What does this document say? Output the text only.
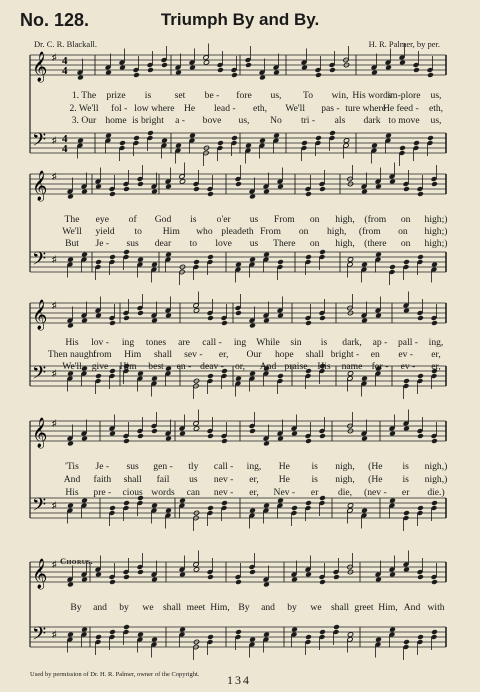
No. 128.	Triumph By and By.
Dr. C. R. Blackall.	H. R. Palmer, by per.
𝄞
𝄢
♯
♯
4
4
4
4
𝄞
𝄢
♯
♯
𝄞
𝄢
♯
♯
𝄞
𝄢
♯
♯
𝄞
𝄢
♯
♯
1. The prize is set be - fore us, To win, His words
im-plore us,
2. We'll fol - low where He lead - eth, We'll pas - ture where
He feed - eth,
3. Our home is bright a - bove us, No tri - als dark to move us,
The eye of God is o'er us From on high, (from on high;)
We'll yield to Him who pleadeth From on high, (from on high;)
But Je - sus dear to love us There on high, (there on high;)
His lov - ing tones are call - ing While sin is dark, ap - pall - ing,
Then naught
from Him shall sev - er, Our hope shall bright - en ev - er,
We'll give Him best en - deav - or, And praise His name for - ev - er,
'Tis Je - sus gen - tly call - ing, He is nigh, (He is nigh,)
And faith shall fail us nev - er, He is nigh, (He is nigh,)
His pre - cious words can nev - er, Nev - er die, (nev - er die.)
By and by we shall meet Him, By and by we shall greet Him, And with
Chorus.
Used by permission of Dr. H. R. Palmer, owner of the Copyright. 134
